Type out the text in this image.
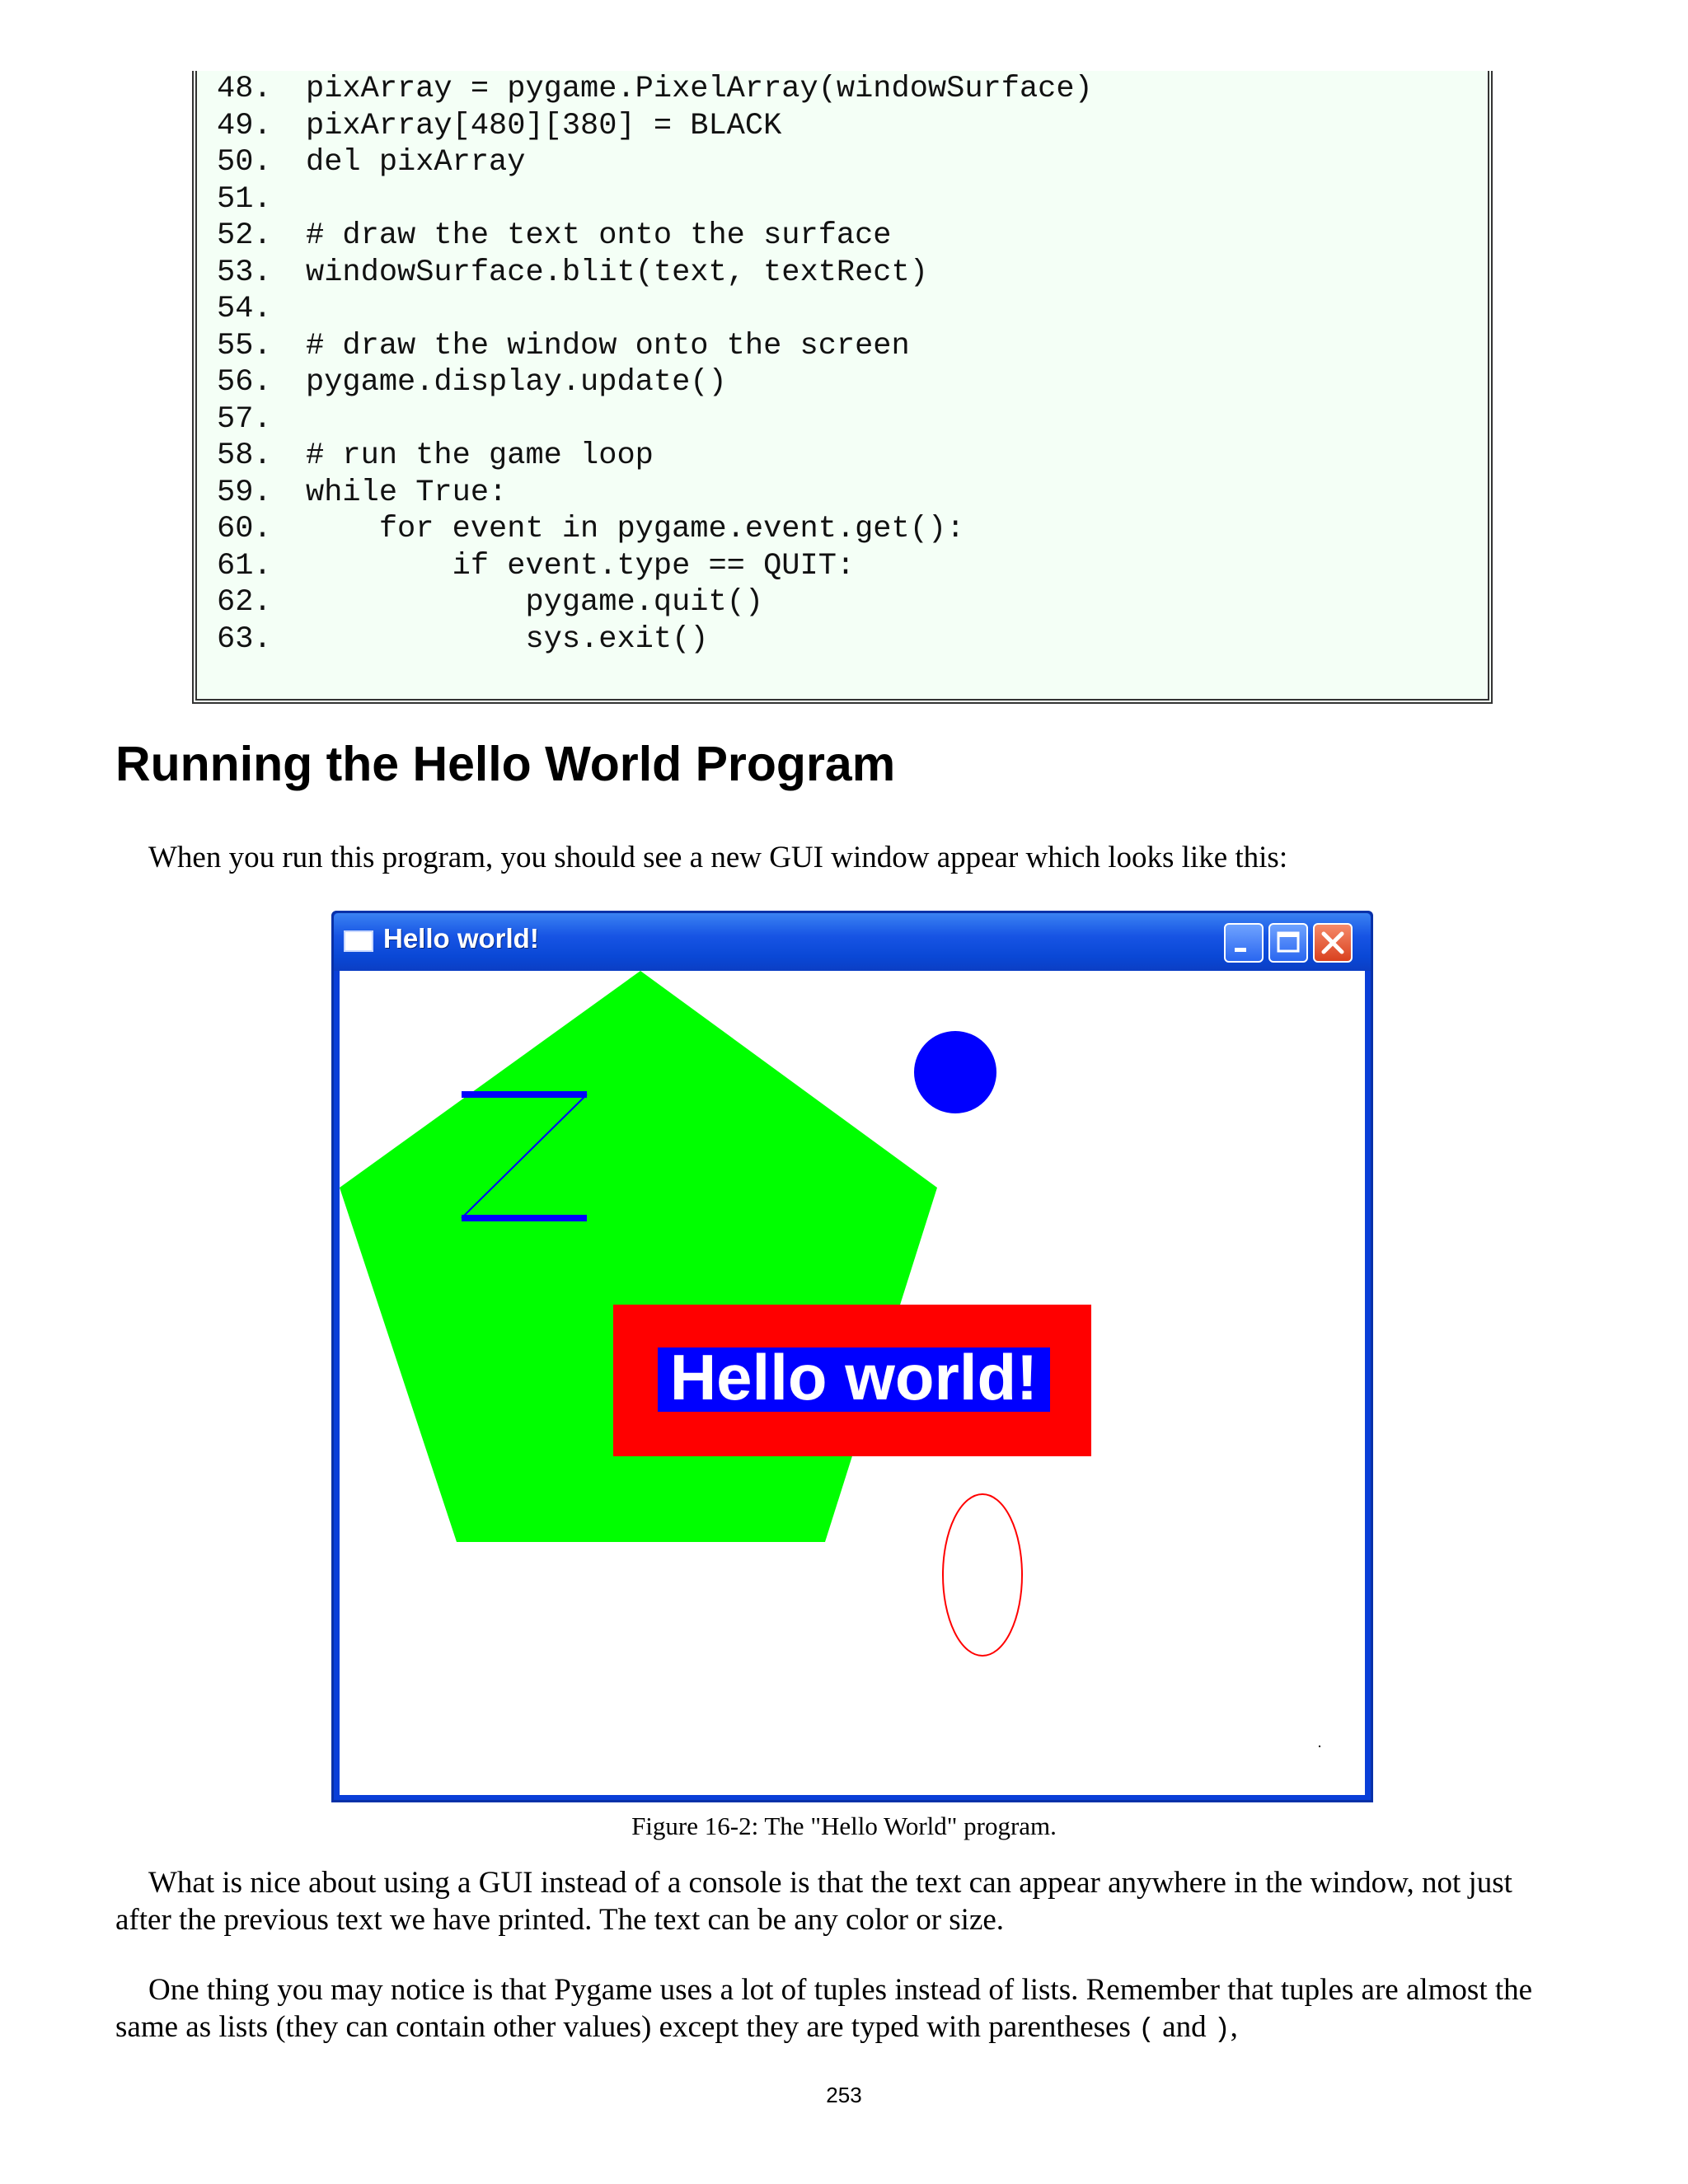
48. pixArray = pygame.PixelArray(windowSurface)
49. pixArray[480][380] = BLACK
50. del pixArray
51.
52. # draw the text onto the surface
53. windowSurface.blit(text, textRect)
54.
55. # draw the window onto the screen
56. pygame.display.update()
57.
58. # run the game loop
59. while True:
60.    for event in pygame.event.get():
61.        if event.type == QUIT:
62.            pygame.quit()
63.            sys.exit()
Running the Hello World Program

When you run this program, you should see a new GUI window appear which looks like this:

Hello world!
Hello world!
Figure 16-2: The "Hello World" program.

What is nice about using a GUI instead of a console is that the text can appear anywhere in the window, not just after the previous text we have printed. The text can be any color or size.

One thing you may notice is that Pygame uses a lot of tuples instead of lists. Remember that tuples are almost the same as lists (they can contain other values) except they are typed with parentheses ( and ),

253
